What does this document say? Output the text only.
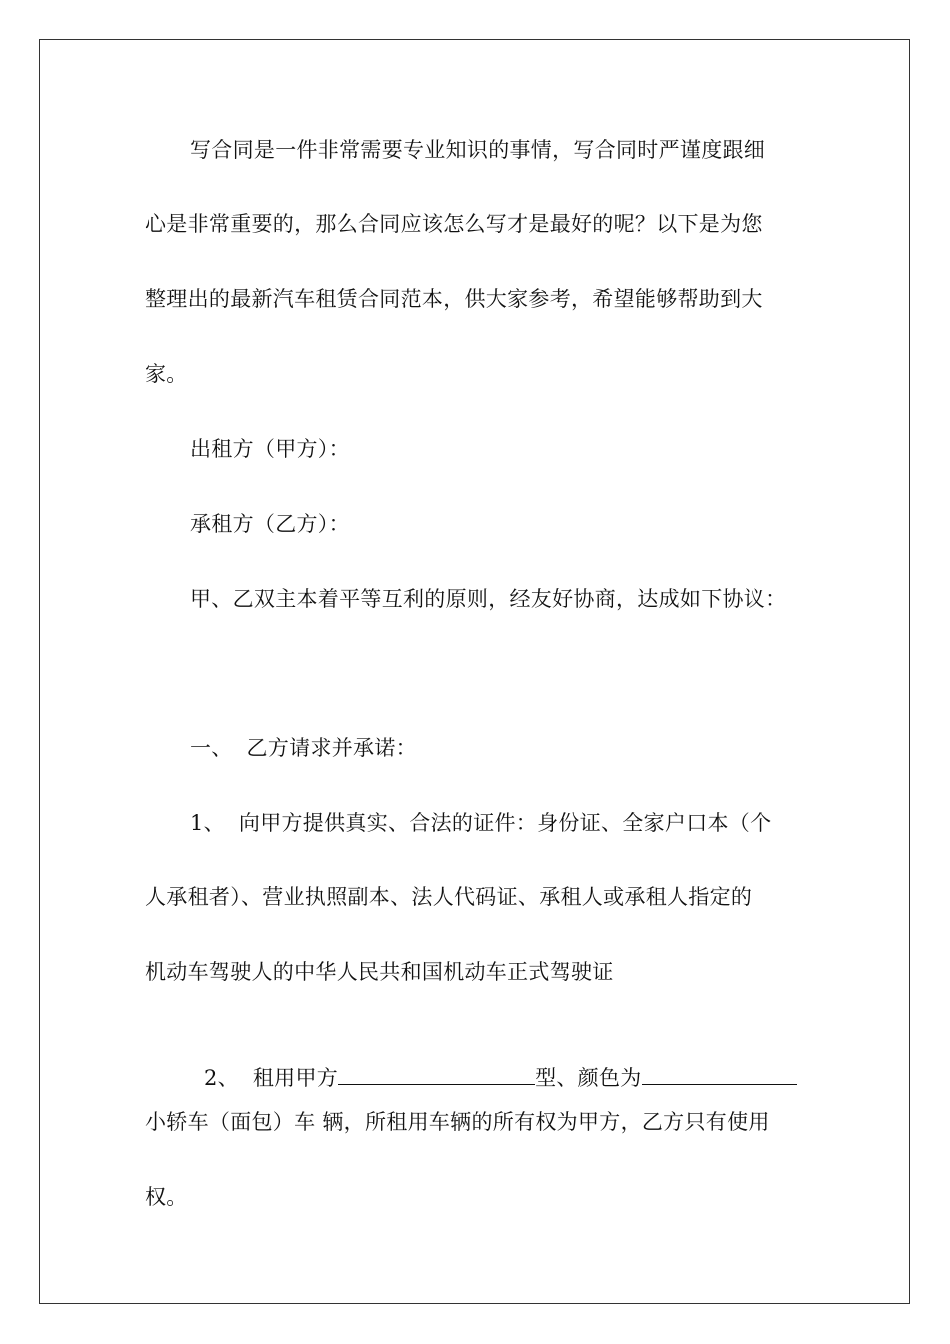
写合同是一件非常需要专业知识的事情，写合同时严谨度跟细
心是非常重要的，那么合同应该怎么写才是最好的呢？以下是为您
整理出的最新汽车租赁合同范本，供大家参考，希望能够帮助到大
家。
出租方（甲方）：
承租方（乙方）：
甲、乙双主本着平等互利的原则，经友好协商，达成如下协议：
一、  乙方请求并承诺：
1、  向甲方提供真实、合法的证件：身份证、全家户口本（个
人承租者）、营业执照副本、法人代码证、承租人或承租人指定的
机动车驾驶人的中华人民共和国机动车正式驾驶证

2、  租用甲方	型、颜色为

小轿车（面包）车 辆，所租用车辆的所有权为甲方，乙方只有使用
权。
